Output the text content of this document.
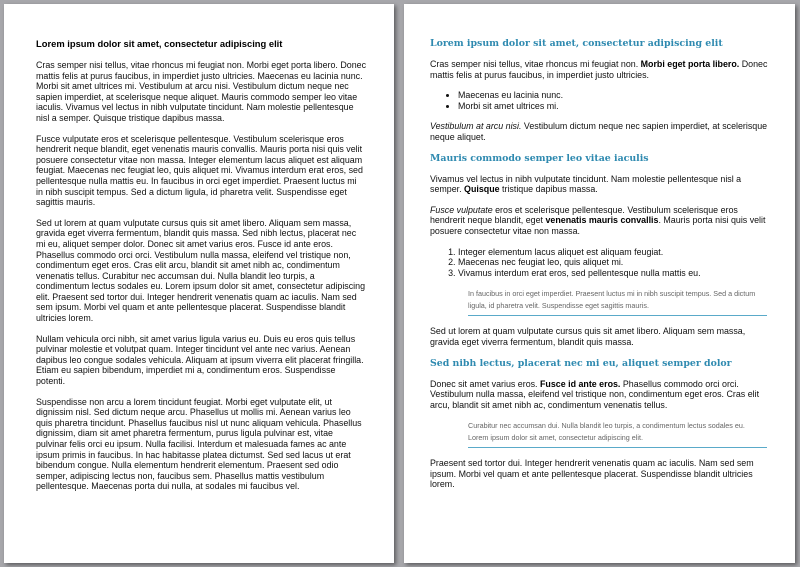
Lorem ipsum dolor sit amet, consectetur adipiscing elit

Cras semper nisi tellus, vitae rhoncus mi feugiat non. Morbi eget porta libero. Donec mattis felis at purus faucibus, in imperdiet justo ultricies. Maecenas eu lacinia nunc. Morbi sit amet ultrices mi. Vestibulum at arcu nisi. Vestibulum dictum neque nec sapien imperdiet, at scelerisque neque aliquet. Mauris commodo semper leo vitae iaculis. Vivamus vel lectus in nibh vulputate tincidunt. Nam molestie pellentesque nisl a semper. Quisque tristique dapibus massa.

Fusce vulputate eros et scelerisque pellentesque. Vestibulum scelerisque eros hendrerit neque blandit, eget venenatis mauris convallis. Mauris porta nisi quis velit posuere consectetur vitae non massa. Integer elementum lacus aliquet est aliquam feugiat. Maecenas nec feugiat leo, quis aliquet mi. Vivamus interdum erat eros, sed pellentesque nulla mattis eu. In faucibus in orci eget imperdiet. Praesent luctus mi in nibh suscipit tempus. Sed a dictum ligula, id pharetra velit. Suspendisse eget sagittis mauris.

Sed ut lorem at quam vulputate cursus quis sit amet libero. Aliquam sem massa, gravida eget viverra fermentum, blandit quis massa. Sed nibh lectus, placerat nec mi eu, aliquet semper dolor. Donec sit amet varius eros. Fusce id ante eros. Phasellus commodo orci orci. Vestibulum nulla massa, eleifend vel tristique non, condimentum eget eros. Cras elit arcu, blandit sit amet nibh ac, condimentum venenatis tellus. Curabitur nec accumsan dui. Nulla blandit leo turpis, a condimentum lectus sodales eu. Lorem ipsum dolor sit amet, consectetur adipiscing elit. Praesent sed tortor dui. Integer hendrerit venenatis quam ac iaculis. Nam sed sem ipsum. Morbi vel quam et ante pellentesque placerat. Suspendisse blandit ultricies lorem.

Nullam vehicula orci nibh, sit amet varius ligula varius eu. Duis eu eros quis tellus pulvinar molestie et volutpat quam. Integer tincidunt vel ante nec varius. Aenean dapibus leo congue sodales vehicula. Aliquam at ipsum viverra elit placerat fringilla. Etiam eu sapien bibendum, imperdiet mi a, condimentum eros. Suspendisse potenti.

Suspendisse non arcu a lorem tincidunt feugiat. Morbi eget vulputate elit, ut dignissim nisl. Sed dictum neque arcu. Phasellus ut mollis mi. Aenean varius leo quis pharetra tincidunt. Phasellus faucibus nisl ut nunc aliquam vehicula. Phasellus dignissim, diam sit amet pharetra fermentum, purus ligula pulvinar est, vitae pulvinar felis orci eu ipsum. Nulla facilisi. Interdum et malesuada fames ac ante ipsum primis in faucibus. In hac habitasse platea dictumst. Sed sed lacus ut erat bibendum congue. Nulla elementum hendrerit elementum. Praesent sed odio semper, adipiscing lectus non, faucibus sem. Phasellus mattis vestibulum pellentesque. Maecenas porta dui nulla, at sodales mi faucibus vel.

Lorem ipsum dolor sit amet, consectetur adipiscing elit

Cras semper nisi tellus, vitae rhoncus mi feugiat non. Morbi eget porta libero. Donec mattis felis at purus faucibus, in imperdiet justo ultricies.

• Maecenas eu lacinia nunc.
• Morbi sit amet ultrices mi.

Vestibulum at arcu nisi. Vestibulum dictum neque nec sapien imperdiet, at scelerisque neque aliquet.

Mauris commodo semper leo vitae iaculis

Vivamus vel lectus in nibh vulputate tincidunt. Nam molestie pellentesque nisl a semper. Quisque tristique dapibus massa.

Fusce vulputate eros et scelerisque pellentesque. Vestibulum scelerisque eros hendrerit neque blandit, eget venenatis mauris convallis. Mauris porta nisi quis velit posuere consectetur vitae non massa.

1. Integer elementum lacus aliquet est aliquam feugiat.
2. Maecenas nec feugiat leo, quis aliquet mi.
3. Vivamus interdum erat eros, sed pellentesque nulla mattis eu.
In faucibus in orci eget imperdiet. Praesent luctus mi in nibh suscipit tempus. Sed a dictum ligula, id pharetra velit. Suspendisse eget sagittis mauris.

Sed ut lorem at quam vulputate cursus quis sit amet libero. Aliquam sem massa, gravida eget viverra fermentum, blandit quis massa.

Sed nibh lectus, placerat nec mi eu, aliquet semper dolor

Donec sit amet varius eros. Fusce id ante eros. Phasellus commodo orci orci. Vestibulum nulla massa, eleifend vel tristique non, condimentum eget eros. Cras elit arcu, blandit sit amet nibh ac, condimentum venenatis tellus.

Curabitur nec accumsan dui. Nulla blandit leo turpis, a condimentum lectus sodales eu. Lorem ipsum dolor sit amet, consectetur adipiscing elit.

Praesent sed tortor dui. Integer hendrerit venenatis quam ac iaculis. Nam sed sem ipsum. Morbi vel quam et ante pellentesque placerat. Suspendisse blandit ultricies lorem.
